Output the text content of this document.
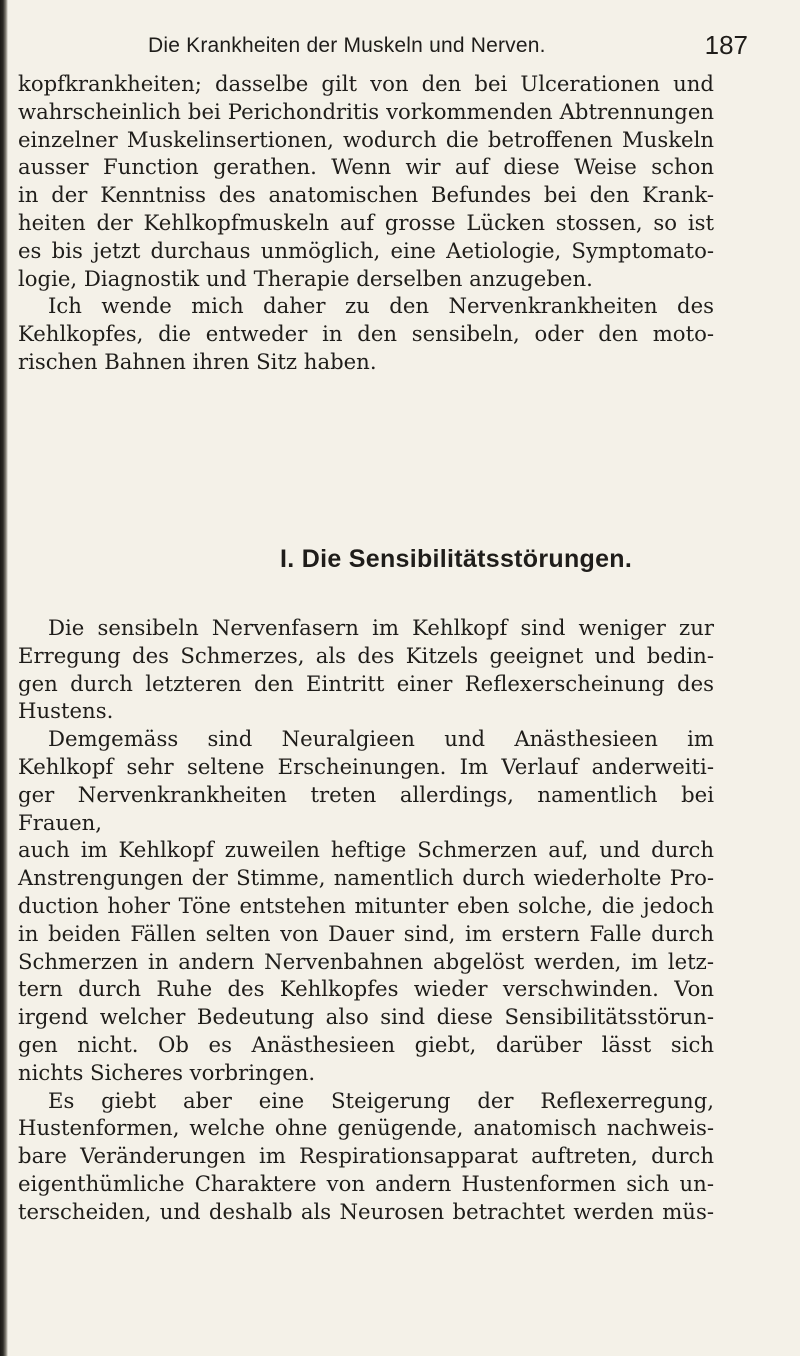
Die Krankheiten der Muskeln und Nerven.	187
kopfkrankheiten; dasselbe gilt von den bei Ulcerationen und
wahrscheinlich bei Perichondritis vorkommenden Abtrennungen
einzelner Muskelinsertionen, wodurch die betroffenen Muskeln
ausser Function gerathen. Wenn wir auf diese Weise schon
in der Kenntniss des anatomischen Befundes bei den Krank-
heiten der Kehlkopfmuskeln auf grosse Lücken stossen, so ist
es bis jetzt durchaus unmöglich, eine Aetiologie, Symptomato-
logie, Diagnostik und Therapie derselben anzugeben.
Ich wende mich daher zu den Nervenkrankheiten des
Kehlkopfes, die entweder in den sensibeln, oder den moto-
rischen Bahnen ihren Sitz haben.
I. Die Sensibilitätsstörungen.
Die sensibeln Nervenfasern im Kehlkopf sind weniger zur
Erregung des Schmerzes, als des Kitzels geeignet und bedin-
gen durch letzteren den Eintritt einer Reflexerscheinung des
Hustens.
Demgemäss sind Neuralgieen und Anästhesieen im
Kehlkopf sehr seltene Erscheinungen. Im Verlauf anderweiti-
ger Nervenkrankheiten treten allerdings, namentlich bei Frauen,
auch im Kehlkopf zuweilen heftige Schmerzen auf, und durch
Anstrengungen der Stimme, namentlich durch wiederholte Pro-
duction hoher Töne entstehen mitunter eben solche, die jedoch
in beiden Fällen selten von Dauer sind, im erstern Falle durch
Schmerzen in andern Nervenbahnen abgelöst werden, im letz-
tern durch Ruhe des Kehlkopfes wieder verschwinden. Von
irgend welcher Bedeutung also sind diese Sensibilitätsstörun-
gen nicht. Ob es Anästhesieen giebt, darüber lässt sich
nichts Sicheres vorbringen.
Es giebt aber eine Steigerung der Reflexerregung,
Hustenformen, welche ohne genügende, anatomisch nachweis-
bare Veränderungen im Respirationsapparat auftreten, durch
eigenthümliche Charaktere von andern Hustenformen sich un-
terscheiden, und deshalb als Neurosen betrachtet werden müs-
